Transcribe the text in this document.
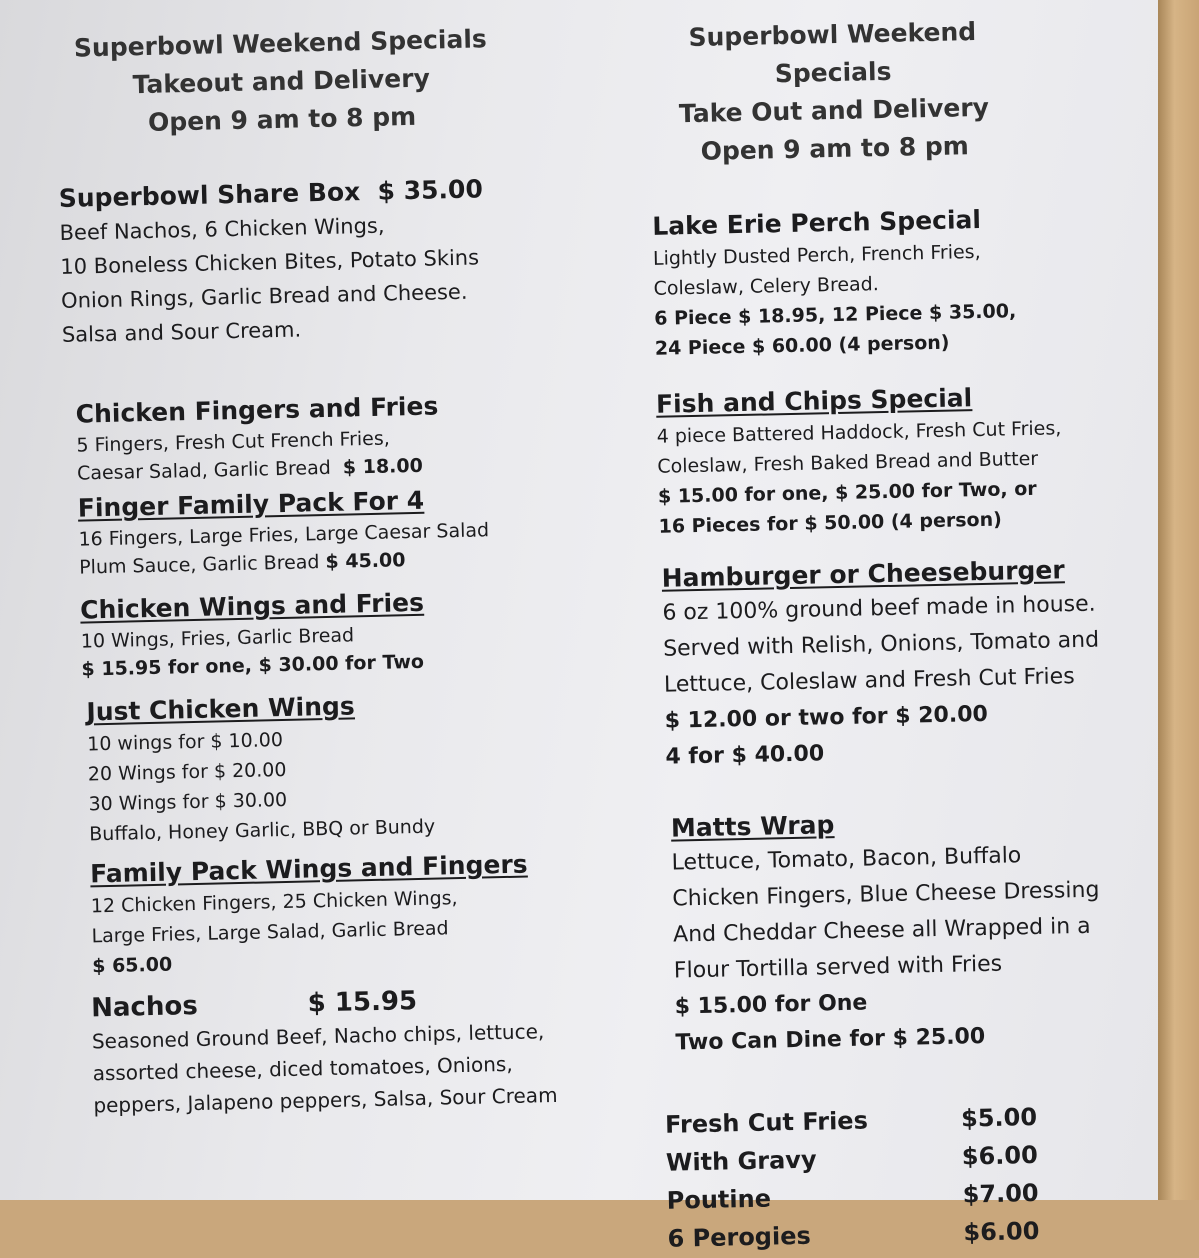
Superbowl Weekend Specials
Takeout and Delivery
Open 9 am to 8 pm
Superbowl Share Box $ 35.00
Beef Nachos, 6 Chicken Wings,
10 Boneless Chicken Bites, Potato Skins
Onion Rings, Garlic Bread and Cheese.
Salsa and Sour Cream.
Chicken Fingers and Fries
5 Fingers, Fresh Cut French Fries,
Caesar Salad, Garlic Bread $ 18.00
Finger Family Pack For 4
16 Fingers, Large Fries, Large Caesar Salad
Plum Sauce, Garlic Bread $ 45.00
Chicken Wings and Fries
10 Wings, Fries, Garlic Bread
$ 15.95 for one, $ 30.00 for Two
Just Chicken Wings
10 wings for $ 10.00
20 Wings for $ 20.00
30 Wings for $ 30.00
Buffalo, Honey Garlic, BBQ or Bundy
Family Pack Wings and Fingers
12 Chicken Fingers, 25 Chicken Wings,
Large Fries, Large Salad, Garlic Bread
$ 65.00
Nachos	$ 15.95
Seasoned Ground Beef, Nacho chips, lettuce,
assorted cheese, diced tomatoes, Onions,
peppers, Jalapeno peppers, Salsa, Sour Cream
Superbowl Weekend Specials
Take Out and Delivery
Open 9 am to 8 pm
Lake Erie Perch Special
Lightly Dusted Perch, French Fries,
Coleslaw, Celery Bread.
6 Piece $ 18.95, 12 Piece $ 35.00,
24 Piece $ 60.00 (4 person)
Fish and Chips Special
4 piece Battered Haddock, Fresh Cut Fries,
Coleslaw, Fresh Baked Bread and Butter
$ 15.00 for one, $ 25.00 for Two, or
16 Pieces for $ 50.00 (4 person)
Hamburger or Cheeseburger
6 oz 100% ground beef made in house.
Served with Relish, Onions, Tomato and
Lettuce, Coleslaw and Fresh Cut Fries
$ 12.00 or two for $ 20.00
4 for $ 40.00
Matts Wrap
Lettuce, Tomato, Bacon, Buffalo
Chicken Fingers, Blue Cheese Dressing
And Cheddar Cheese all Wrapped in a
Flour Tortilla served with Fries
$ 15.00 for One
Two Can Dine for $ 25.00
Fresh Cut Fries	$5.00
With Gravy	$6.00
Poutine	$7.00
6 Perogies	$6.00
